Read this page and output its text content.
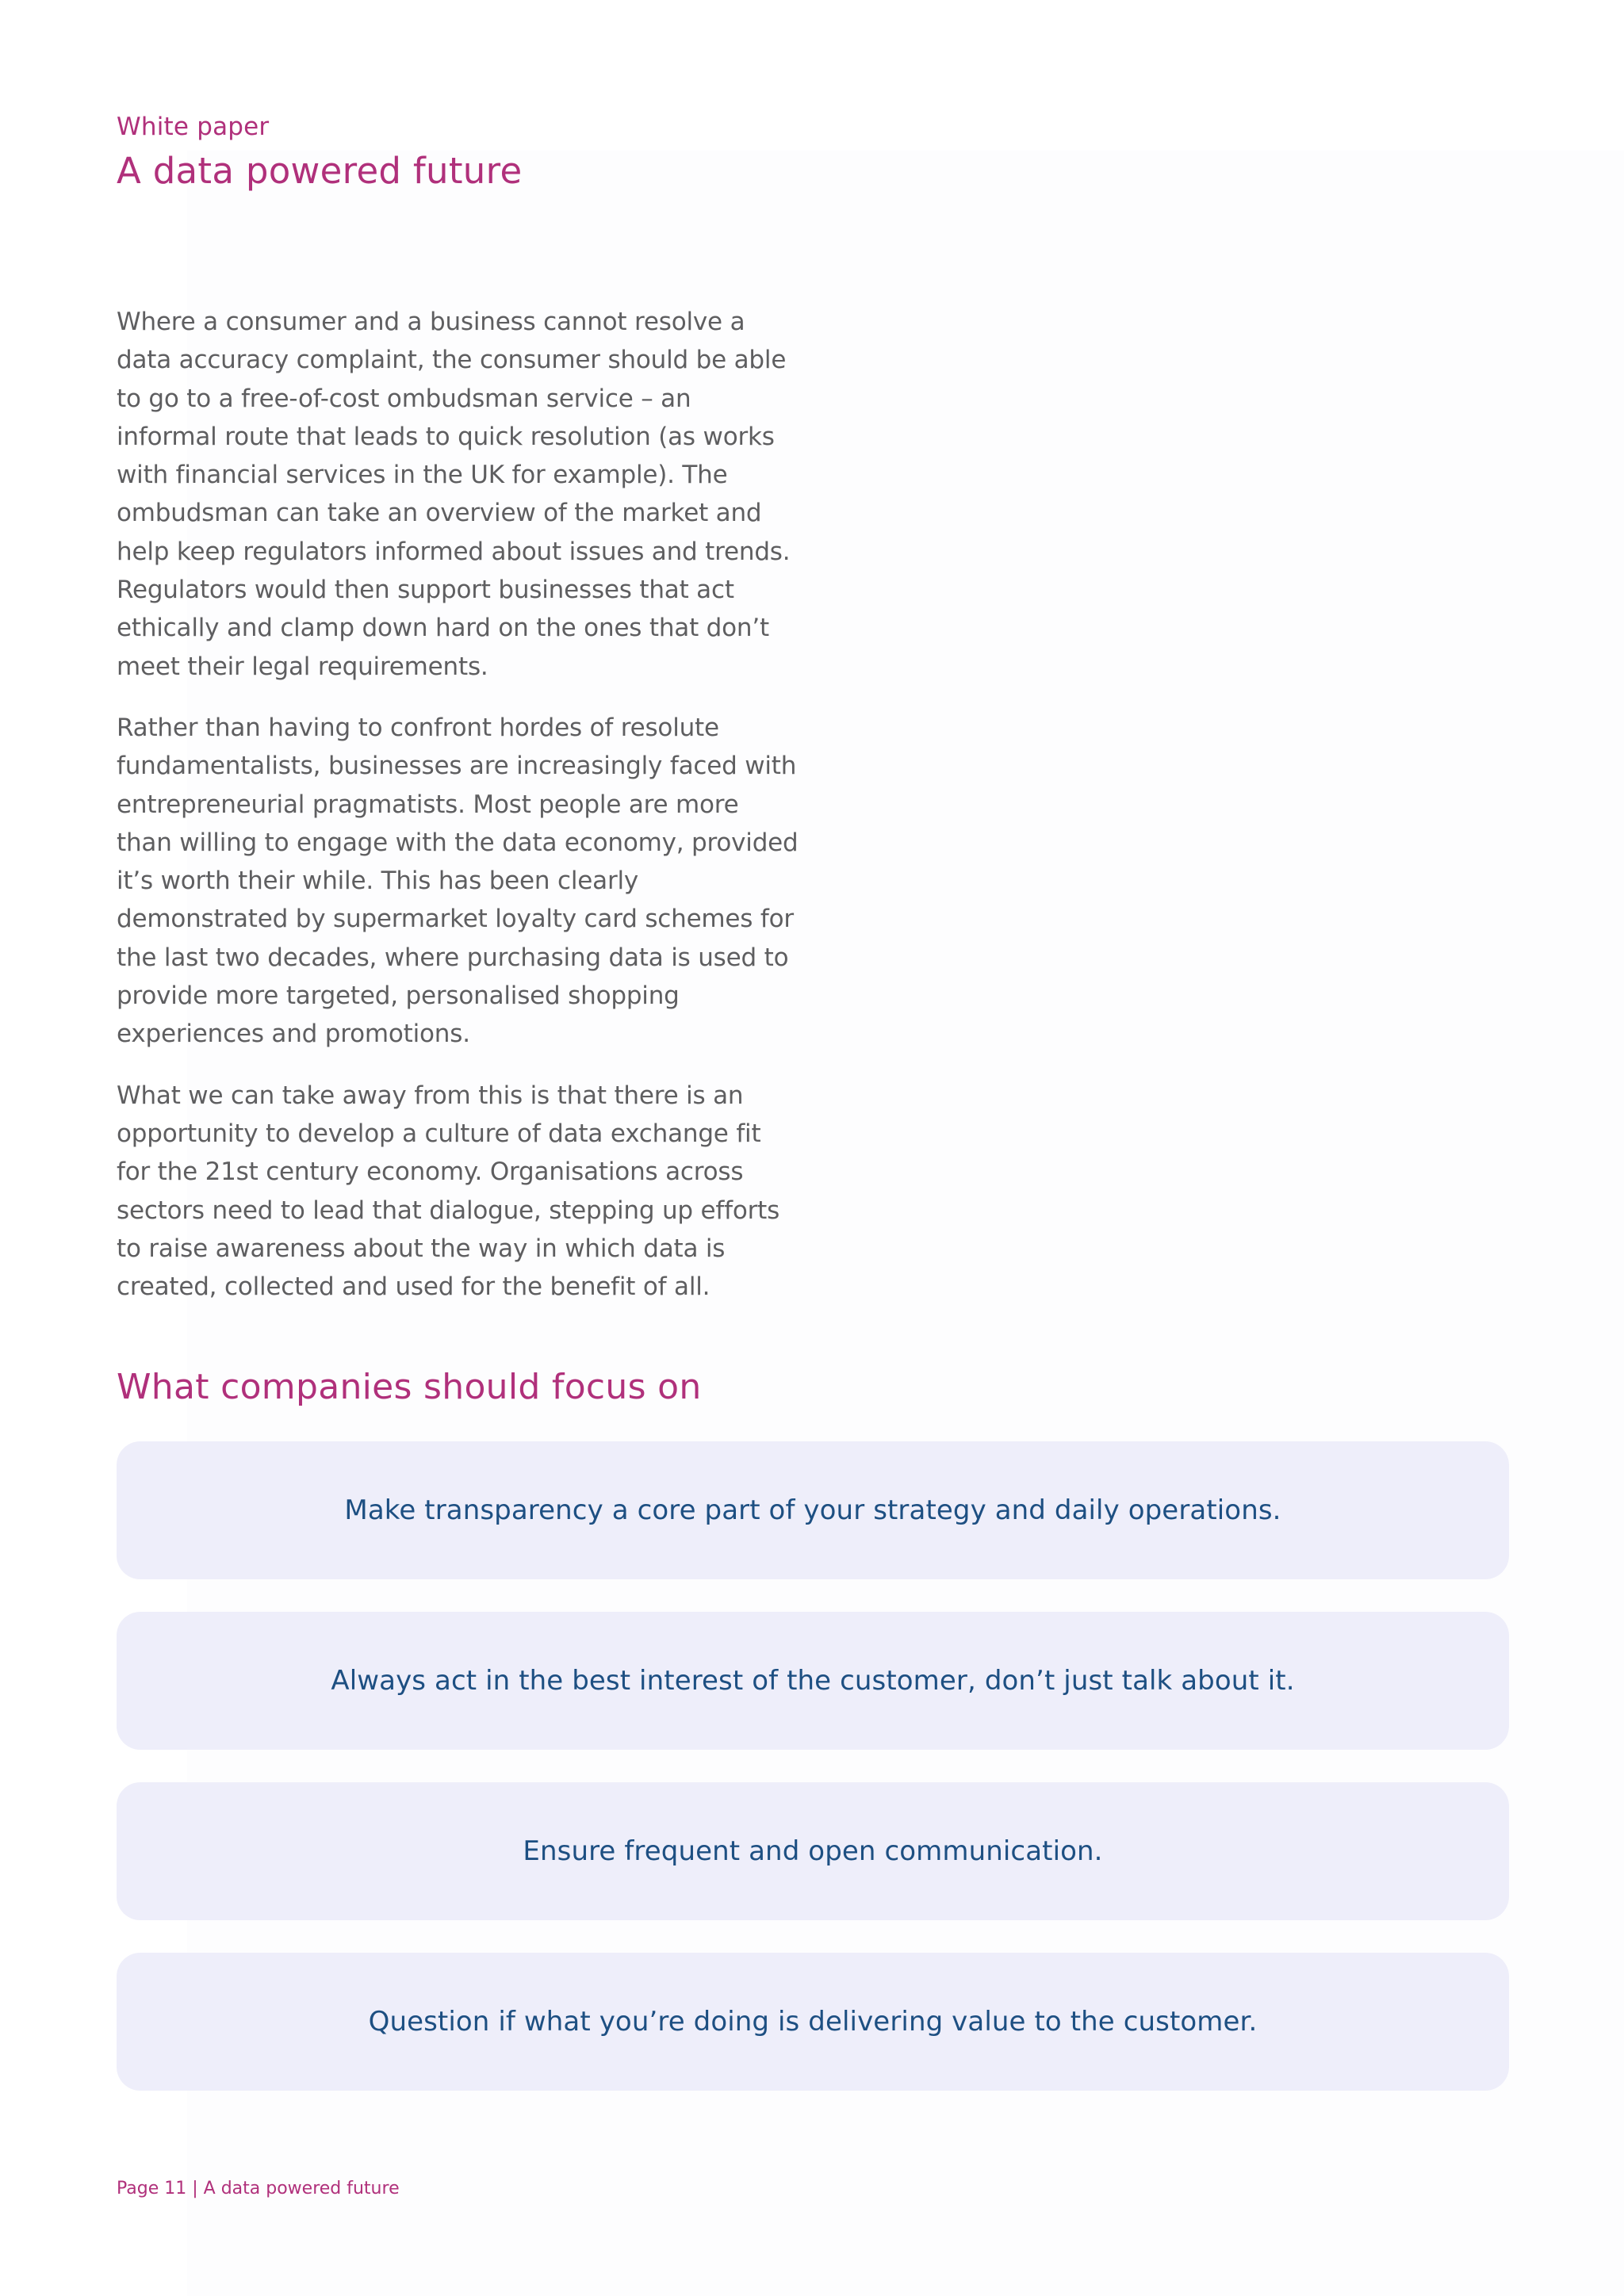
White paper

A data powered future

Where a consumer and a business cannot resolve a data accuracy complaint, the consumer should be able to go to a free-of-cost ombudsman service – an informal route that leads to quick resolution (as works with financial services in the UK for example). The ombudsman can take an overview of the market and help keep regulators informed about issues and trends. Regulators would then support businesses that act ethically and clamp down hard on the ones that don’t meet their legal requirements.

Rather than having to confront hordes of resolute fundamentalists, businesses are increasingly faced with entrepreneurial pragmatists. Most people are more than willing to engage with the data economy, provided it’s worth their while. This has been clearly demonstrated by supermarket loyalty card schemes for the last two decades, where purchasing data is used to provide more targeted, personalised shopping experiences and promotions.

What we can take away from this is that there is an opportunity to develop a culture of data exchange fit for the 21st century economy. Organisations across sectors need to lead that dialogue, stepping up efforts to raise awareness about the way in which data is created, collected and used for the benefit of all.

What companies should focus on
Make transparency a core part of your strategy and daily operations.
Always act in the best interest of the customer, don’t just talk about it.
Ensure frequent and open communication.
Question if what you’re doing is delivering value to the customer.

Page 11 | A data powered future
